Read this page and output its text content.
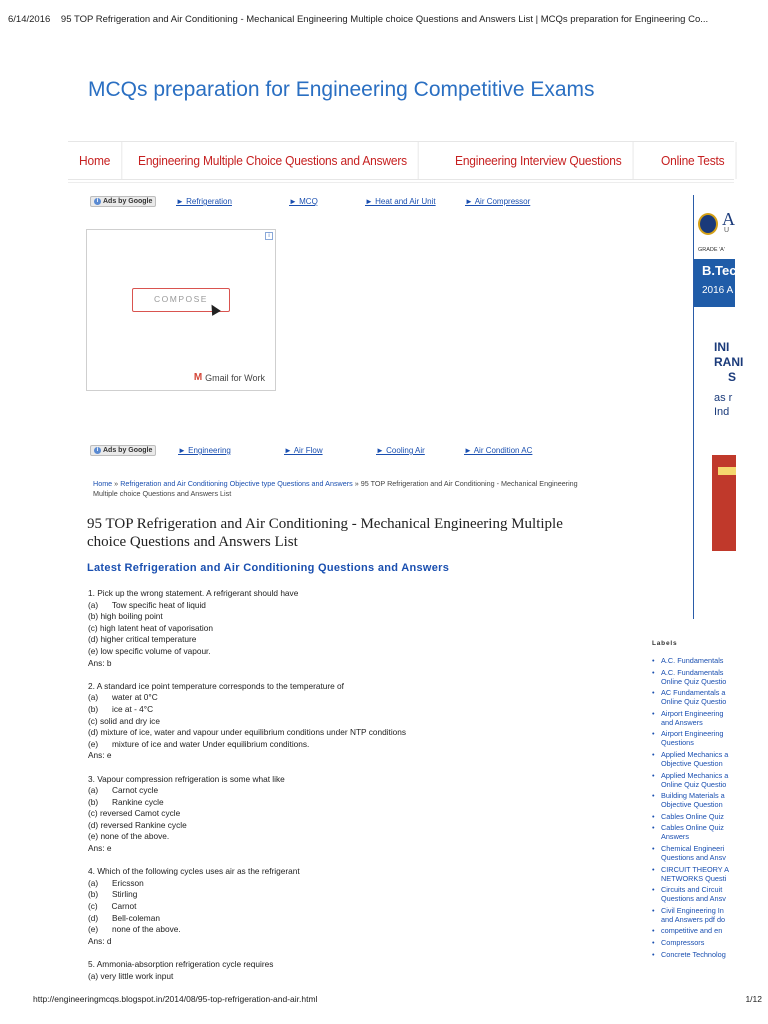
6/14/2016 95 TOP Refrigeration and Air Conditioning - Mechanical Engineering Multiple choice Questions and Answers List | MCQs preparation for Engineering Co...
MCQs preparation for Engineering Competitive Exams
Home	Engineering Multiple Choice Questions and Answers	Engineering Interview Questions	Online Tests
i Ads by Google	► Refrigeration	► MCQ	► Heat and Air Unit	► Air Compressor
i
COMPOSE
M Gmail for Work
i Ads by Google	► Engineering	► Air Flow	► Cooling Air	► Air Condition AC
Home » Refrigeration and Air Conditioning Objective type Questions and Answers » 95 TOP Refrigeration and Air Conditioning - Mechanical Engineering Multiple choice Questions and Answers List
95 TOP Refrigeration and Air Conditioning - Mechanical Engineering Multiple choice Questions and Answers List
Latest Refrigeration and Air Conditioning Questions and Answers
1. Pick up the wrong statement. A refrigerant should have
(a)      Tow specific heat of liquid
(b) high boiling point
(c) high latent heat of vaporisation
(d) higher critical temperature
(e) low specific volume of vapour.
Ans: b
2. A standard ice point temperature corresponds to the temperature of
(a)      water at 0°C
(b)      ice at - 4°C
(c) solid and dry ice
(d) mixture of ice, water and vapour under equilibrium conditions under NTP conditions
(e)      mixture of ice and water Under equilibrium conditions.
Ans: e
3. Vapour compression refrigeration is some what like
(a)      Carnot cycle
(b)      Rankine cycle
(c) reversed Camot cycle
(d) reversed Rankine cycle
(e) none of the above.
Ans: e
4. Which of the following cycles uses air as the refrigerant
(a)      Ericsson
(b)      Stirling
(c)      Carnot
(d)      Bell-coleman
(e)      none of the above.
Ans: d
5. Ammonia-absorption refrigeration cycle requires
(a) very little work input
A
U
GRADE 'A'
B.Tec
2016 A
INI
RANI
S
as r
Ind
Labels
• A.C. Fundamentals
• A.C. Fundamentals
Online Quiz Questio
• AC Fundamentals a
Online Quiz Questio
• Airport Engineering
and Answers
• Airport Engineering
Questions
• Applied Mechanics a
Objective Question
• Applied Mechanics a
Online Quiz Questio
• Building Materials a
Objective Question
• Cables Online Quiz
• Cables Online Quiz
Answers
• Chemical Engineeri
Questions and Ansv
• CIRCUIT THEORY A
NETWORKS Questi
• Circuits and Circuit
Questions and Ansv
• Civil Engineering In
and Answers pdf do
• competitive and en
• Compressors
• Concrete Technolog
http://engineeringmcqs.blogspot.in/2014/08/95-top-refrigeration-and-air.html	1/12
